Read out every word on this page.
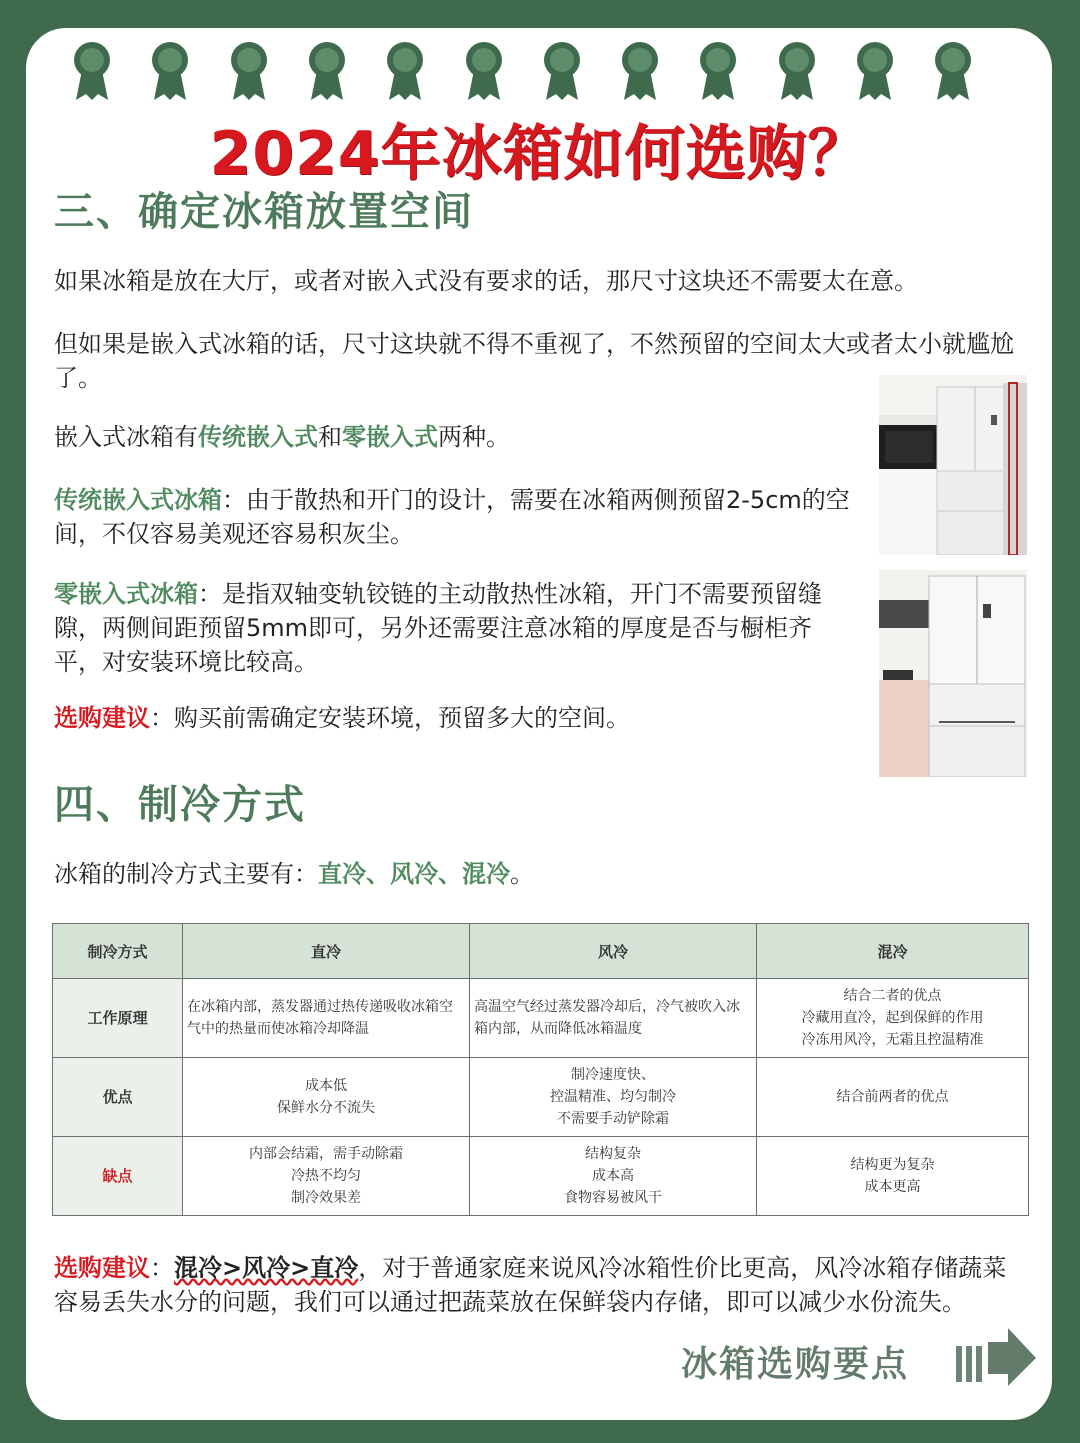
2024年冰箱如何选购？
三、确定冰箱放置空间
如果冰箱是放在大厅，或者对嵌入式没有要求的话，那尺寸这块还不需要太在意。
但如果是嵌入式冰箱的话，尺寸这块就不得不重视了，不然预留的空间太大或者太小就尴尬了。
嵌入式冰箱有传统嵌入式和零嵌入式两种。
传统嵌入式冰箱：由于散热和开门的设计，需要在冰箱两侧预留2-5cm的空间，不仅容易美观还容易积灰尘。
零嵌入式冰箱：是指双轴变轨铰链的主动散热性冰箱，开门不需要预留缝隙，两侧间距预留5mm即可，另外还需要注意冰箱的厚度是否与橱柜齐平，对安装环境比较高。
选购建议：购买前需确定安装环境，预留多大的空间。
四、制冷方式
冰箱的制冷方式主要有：直冷、风冷、混冷。
制冷方式	直冷	风冷	混冷
工作原理	在冰箱内部，蒸发器通过热传递吸收冰箱空气中的热量而使冰箱冷却降温	高温空气经过蒸发器冷却后，冷气被吹入冰箱内部，从而降低冰箱温度	结合二者的优点
冷藏用直冷，起到保鲜的作用
冷冻用风冷，无霜且控温精准

优点	成本低
保鲜水分不流失	制冷速度快、
控温精准、均匀制冷
不需要手动铲除霜	结合前两者的优点

缺点	内部会结霜，需手动除霜
冷热不均匀
制冷效果差	结构复杂
成本高
食物容易被风干	结构更为复杂
成本更高
选购建议：混冷>风冷>直冷，对于普通家庭来说风冷冰箱性价比更高，风冷冰箱存储蔬菜容易丢失水分的问题，我们可以通过把蔬菜放在保鲜袋内存储，即可以减少水份流失。
冰箱选购要点
